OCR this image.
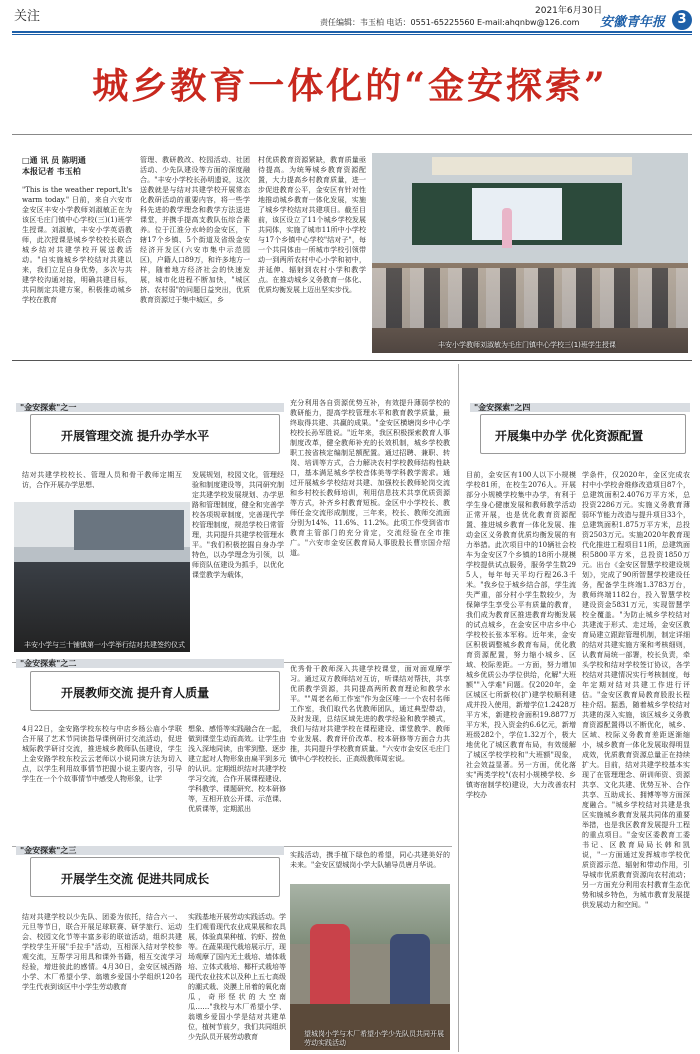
关注	2021年6月30日
责任编辑：韦玉柏 电话：0551-65225560 E-mail:ahqnbw@126.com 安徽青年报 3
城乡教育一体化的“金安探索”
□通 讯 员 陈明通
本报记者 韦玉柏
"This is the weather report,It's warm today." 日前，来自六安市金安区丰安小学教师刘淑敏正在为该区毛庄门镇中心学校(三)(1)班学生授课。刘淑敏，丰安小学英语教师，此次授课是城乡学校校长联合城乡结对共建学校开展送教活动。"自实施城乡学校结对共建以来，我们立足自身优势，多次与共建学校沟通对接，明确共建目标，共同制定共建方案，积极推动城乡学校在教育
管理、教研教改、校园活动、社团活动、少先队建设等方面的深度融合。"丰安小学校长孙明遗说，这次送教就是与结对共建学校开展常态化教研活动的重要内容，将一些学科先进的教学理念和教学方法送进课堂，并携手提高支教队伍综合素养。位于江淮分水岭的金安区，下辖17个乡镇、5个街道及省级金安经济开发区(六安市集中示范园区)，户籍人口89万，和许多地方一样，随着地方经济社会的快速发展，城市化进程不断加快，"城区挤、农村弱"的问题日益突出，优质教育资源过于集中城区，乡
村优质教育资源紧缺，教育质量亟待提高。为统筹城乡教育资源配置，大力提高乡村教育质量，进一步促进教育公平，金安区有针对性地推动城乡教育一体化发展，实施了城乡学校结对共建项目。截至目前，该区设立了11个城乡学校发展共同体，实施了城市11所中小学校与17个乡镇中心学校"结对子"，每一个共同体由一所城市学校引领带动一到两所农村中心小学和初中，并延伸、辐射到农村小学和教学点。在推动城乡义务教育一体化、优质均衡发展上迈出坚实步伐。
丰安小学教师刘淑敏为毛庄门镇中心学校三(1)班学生授课
"金安探索"之一
开展管理交流 提升办学水平
结对共建学校校长、管理人员和骨干教师定期互访，合作开展办学思想、
丰安小学与三十铺镇第一小学举行结对共建签约仪式
发展规划，校园文化，管理经验和制度建设等，共同研究制定共建学校发展规划、办学思路和管理制度，健全和完善学校各项规章制度，完善现代学校管理制度，规范学校日常管理，共同提升共建学校管理水平。"我们积极挖掘自身办学特色，以办学理念为引领，以师资队伍建设为抓手，以优化课堂教学为载体，
充分利用各自资源优势互补，有效提升薄弱学校的教研能力，提高学校管理水平和教育教学质量，最终取得共建、共赢的成果。"金安区横塘岗乡中心学校校长孙军胜说。"近年来，我区积极探索教育人事制度改革，健全教师补充的长效机制，城乡学校教职工按省核定编制足额配置。通过招聘、兼职、转岗、培训等方式，合力解决农村学校教师结构性缺口，基本满足城乡学校音体美等学科教学需求。通过开展城乡学校结对共建、加强校长教师轮岗交流和乡村校长教师培训，利用信息技术共享优质资源等方式，补齐乡村教育短板。金区中小学校长、教师任金交流形成制度，三年来，校长、教师交流面分别为14%、11.6%、11.2%。此项工作受到省市教育主管部门的充分肯定，交流经验在全市推广。"六安市金安区教育局人事股股长曹宗国介绍道。
"金安探索"之二
开展教师交流 提升育人质量
4月22日，金安路学校东校与中店乡杨公庙小学联合开展了艺术节同读指导课例研讨交流活动，促进城际教学研讨交流，推进城乡教师队伍建设，学生上金安路学校东校云云老师以小说同读方法为切入点，以学生利用故事情节把握小说主要内容，引导学生在一个个故事情节中感受人物形象，让学
想象、感悟等实践融合在一起，做到课堂生动而高效。让学生由浅入深地同读，由零到整、逐步建立起对人物形象由扁平到多元的认识。定期组织结对共建学校学习交流，合作开展课程建设、学科教学、课题研究、校本研修等，互相开放公开课、示范课、优质课等，定期派出
优秀骨干教师深入共建学校课堂，面对面观摩学习。通过双方教师结对互访，听课结对帮扶，共享优质教学资源，共同提高两所教育理论和教学水平。""周老名师工作室"作为金区唯一一个农村名师工作室，我们取代名优教师团队，通过典型带动，及时发现，总结区域先进的教学经验和教学模式，我们与结对共建学校在课程建设、课堂教学、教师专业发展、教育评价改革、校本研修等方面合力共推，共同提升学校教育质量。"六安市金安区毛庄门镇中心学校校长、正高级教师周宏说。
"金安探索"之三
开展学生交流 促进共同成长
结对共建学校以少先队、团委为依托，结合六一、元旦等节日，联合开展足球联赛、研学旅行、运动会、校园文化节等丰富多彩的联谊活动，组织共建学校学生开展"手拉手"活动，互相深入结对学校参观交流，互帮学习用具和课外书籍，相互交流学习经验，增进彼此的感情。4月30日，金安区城西路小学、木厂希望小学、翁墩乡爱国小学组织120名学生代表到该区中小学生劳动教育
实践基地开展劳动实践活动。学生们观看现代农业成果展和农具展，体验真果种植、钓虾、捞鱼等。在蔬果现代栽培展示厅，现场观摩了国内无土栽培、墙体栽培、立体式栽培、椰杆式栽培等现代农业技术以及种上五七高级的潮式栽、炎膜上吊着的氧化南瓜，奇形怪状的大空南瓜……"我校与木厂希望小学、翁墩乡爱国小学是结对共建单位，植树节前夕，我们共同组织少先队员开展劳动教育
实践活动，携手植下绿色的希望，同心共建美好的未来。"金安区望城岗小学大队辅导员唐月华说。
望城岗小学与木厂希望小学少先队员共同开展劳动实践活动
"金安探索"之四
开展集中办学 优化资源配置
目前，金安区有100人以下小规模学校81所，在校生2076人。开展部分小规模学校集中办学，有利于学生身心健康发展和教师教学活动正常开展，也是优化教育资源配置、推进城乡教育一体化发展、推动金区义务教育优质均衡发展的有力举措。此次项目中的10辆社会校车为金安区7个乡镇的18所小规模学校提供试点服务，服务学生数295人，每年每天平均行程26.3千米。"我乡位于城乡结合部，学生流失严重，部分村小学生数较少，为保障学生享受公平有质量的教育，我们成为教育区推进教育均衡发展的试点城乡，在金安区中店乡中心学校校长张本军称。近年来，金安区积极调整城乡教育布局，优化教育资源配置，努力缩小城乡、区域、校际差距。一方面，努力增加城乡优质公办学位供给，化解"大班额""入学难"问题。仅2020年，金区城区七所新校(扩)建学校顺利建成并投入使用，新增学位1.2428万平方米，新建校舍面积19.8877万平方米，投入资金约6.6亿元，新增班级282个，学位1.32万个，极大地优化了城区教育布局，有效缓解了城区学校学校和"大班额"现象，社会效益显著。另一方面，优化落实"两类学校"(农村小规模学校、乡镇寄宿制学校)建设，大力改善农村学校办
学条件，仅2020年，金区完成农村中小学校舍维修改造项目87个，总建筑面积2.4076万平方米，总投资2286万元。实施义务教育薄弱环节能力改造与提升项目33个，总建筑面积1.875万平方米，总投资2503万元。实施2020年教育现代化推进工程项目11所，总建筑面积5800平方米，总投资1850万元。出台《金安区智慧学校建设规划》，完成了90所智慧学校建设任务，配备学生终端1.3783万台，教师终端1182台，投入智慧学校建设资金5831万元，实现智慧学校全覆盖。"为防止城乡学校结对共建流于形式、走过场，金安区教育局建立跟踪管理机制，制定详细的结对共建实施方案和考核细则，认教育局统一部署，校长负责，牵头学校和结对学校签订协议，各学校结对共建情况实行考核制度，每年定期对结对共建工作进行评估。"金安区教育局教育股股长程桂介绍。据悉，随着城乡学校结对共建的深入实施，该区城乡义务教育资源配置得以不断优化，城乡、区域、校际义务教育差距逐渐缩小，城乡教育一体化发展取得明显成效，优质教育资源总量正在持续扩大。目前，结对共建学校基本实现了在管理理念、研训师资、资源共享、文化共建、优势互补、合作共享、互助成长、拥博等等方面深度融合。"城乡学校结对共建是我区实施城乡教育发展共同体的重要举措，也是我区教育发展提升工程的重点项目。"金安区委教育工委书记、区教育局局长韩和凯说，"一方面通过发挥城市学校优质资源示范、辐射和带动作用，引导城市优质教育资源向农村流动；另一方面充分利用农村教育生态优势和城乡特色，为城市教育发展提供发展动力和空间。"
